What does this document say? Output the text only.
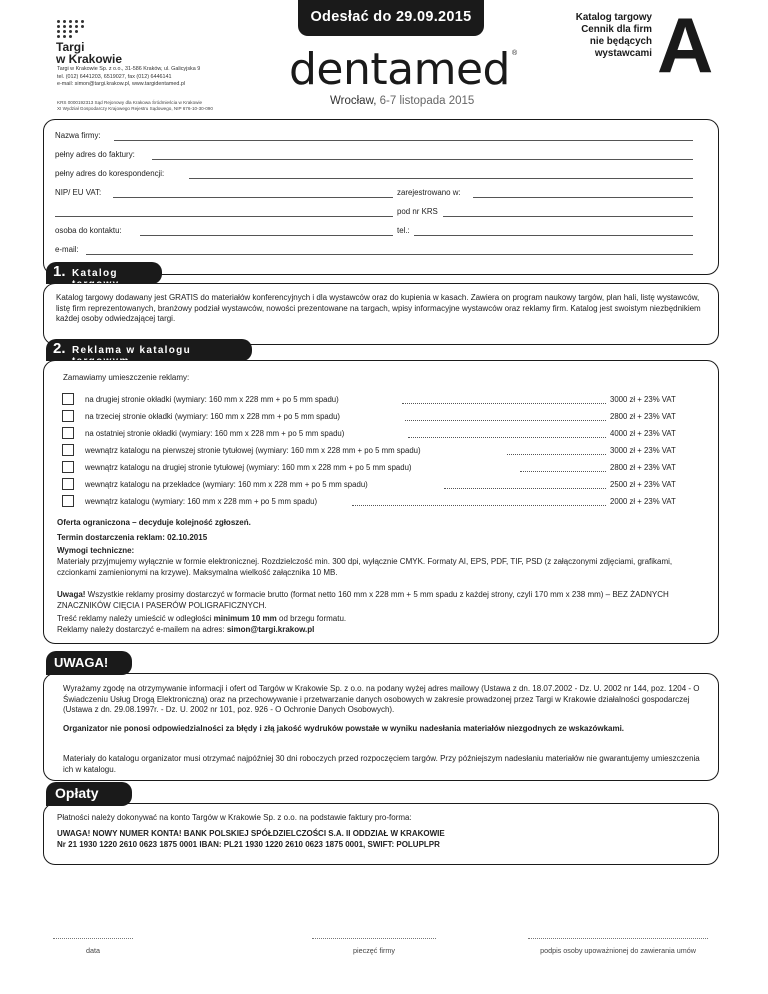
Odesłać do 29.09.2015
Targi
w Krakowie
Targi w Krakowie Sp. z o.o., 31-586 Kraków, ul. Galicyjska 9
tel. (012) 6441203, 6519027, fax (012) 6446141
e-mail: simon@targi.krakow.pl, www.targidentamed.pl
KRS 0000192313 Sąd Rejonowy dla Krakowa Śródmieścia w Krakowie
XI Wydział Gospodarczy Krajowego Rejestru Sądowego, NIP 676-10-30-090
dentamed ®
Wrocław, 6-7 listopada 2015
Katalog targowy
Cennik dla firm
nie będących
wystawcami A
Nazwa firmy:
pełny adres do faktury:
pełny adres do korespondencji:
NIP/ EU VAT:	zarejestrowano w:
pod nr KRS
osoba do kontaktu:	tel.:
e-mail:
1. Katalog targowy
Katalog targowy dodawany jest GRATIS do materiałów konferencyjnych i dla wystawców oraz do kupienia w kasach. Zawiera on program naukowy targów, plan hali, listę wystawców, listę firm reprezentowanych, branżowy podział wystawców, nowości prezentowane na targach, wpisy informacyjne wystawców oraz reklamy firm. Katalog jest swoistym niezbędnikiem każdej osoby odwiedzającej targi.
2. Reklama w katalogu targowym
Zamawiamy umieszczenie reklamy:
na drugiej stronie okładki (wymiary: 160 mm x 228 mm + po 5 mm spadu)	3000 zł + 23% VAT
na trzeciej stronie okładki (wymiary: 160 mm x 228 mm + po 5 mm spadu)	2800 zł + 23% VAT
na ostatniej stronie okładki (wymiary: 160 mm x 228 mm + po 5 mm spadu)	4000 zł + 23% VAT
wewnątrz katalogu na pierwszej stronie tytułowej (wymiary: 160 mm x 228 mm + po 5 mm spadu)	3000 zł + 23% VAT
wewnątrz katalogu na drugiej stronie tytułowej (wymiary: 160 mm x 228 mm + po 5 mm spadu)	2800 zł + 23% VAT
wewnątrz katalogu na przekładce (wymiary: 160 mm x 228 mm + po 5 mm spadu)	2500 zł + 23% VAT
wewnątrz katalogu (wymiary: 160 mm x 228 mm + po 5 mm spadu)	2000 zł + 23% VAT
Oferta ograniczona – decyduje kolejność zgłoszeń.
Termin dostarczenia reklam: 02.10.2015
Wymogi techniczne:
Materiały przyjmujemy wyłącznie w formie elektronicznej. Rozdzielczość min. 300 dpi, wyłącznie CMYK. Formaty AI, EPS, PDF, TIF, PSD (z załączonymi zdjęciami, grafikami, czcionkami zamienionymi na krzywe). Maksymalna wielkość załącznika 10 MB.
Uwaga! Wszystkie reklamy prosimy dostarczyć w formacie brutto (format netto 160 mm x 228 mm + 5 mm spadu z każdej strony, czyli 170 mm x 238 mm) – BEZ ŻADNYCH ZNACZNIKÓW CIĘCIA I PASERÓW POLIGRAFICZNYCH.
Treść reklamy należy umieścić w odległości minimum 10 mm od brzegu formatu.
Reklamy należy dostarczyć e-mailem na adres: simon@targi.krakow.pl
UWAGA!
Wyrażamy zgodę na otrzymywanie informacji i ofert od Targów w Krakowie Sp. z o.o. na podany wyżej adres mailowy (Ustawa z dn. 18.07.2002 - Dz. U. 2002 nr 144, poz. 1204 - O Świadczeniu Usług Drogą Elektroniczną) oraz na przechowywanie i przetwarzanie danych osobowych w zakresie prowadzonej przez Targi w Krakowie działalności gospodarczej (Ustawa z dn. 29.08.1997r. - Dz. U. 2002 nr 101, poz. 926 - O Ochronie Danych Osobowych).
Organizator nie ponosi odpowiedzialności za błędy i złą jakość wydruków powstałe w wyniku nadesłania materiałów niezgodnych ze wskazówkami.
Materiały do katalogu organizator musi otrzymać najpóźniej 30 dni roboczych przed rozpoczęciem targów. Przy późniejszym nadesłaniu materiałów nie gwarantujemy umieszczenia ich w katalogu.
Opłaty
Płatności należy dokonywać na konto Targów w Krakowie Sp. z o.o. na podstawie faktury pro-forma:
UWAGA! NOWY NUMER KONTA! BANK POLSKIEJ SPÓŁDZIELCZOŚCI S.A. II ODDZIAŁ W KRAKOWIE
Nr 21 1930 1220 2610 0623 1875 0001 IBAN: PL21 1930 1220 2610 0623 1875 0001, SWIFT: POLUPLPR
data	pieczęć firmy	podpis osoby upoważnionej do zawierania umów
